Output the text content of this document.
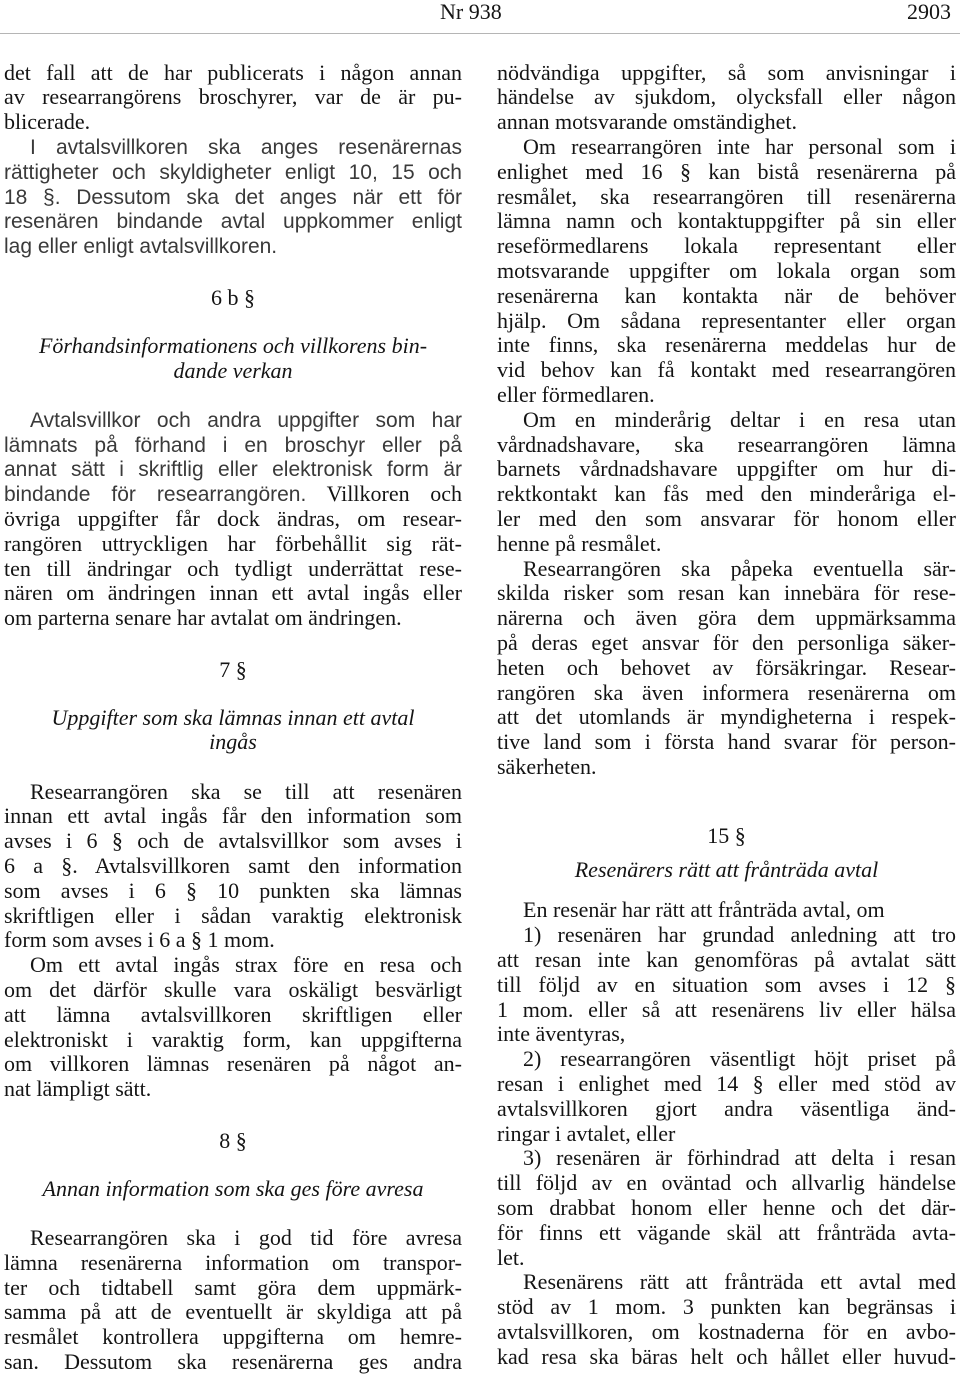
Nr 938	2903
det fall att de har publicerats i någon annan
av researrangörens broschyrer, var de är pu-
blicerade.
I avtalsvillkoren ska anges resenärernas
rättigheter och skyldigheter enligt 10, 15 och
18 §. Dessutom ska det anges när ett för
resenären bindande avtal uppkommer enligt
lag eller enligt avtalsvillkoren.
6 b §
Förhandsinformationens och villkorens bin-
dande verkan
Avtalsvillkor och andra uppgifter som har
lämnats på förhand i en broschyr eller på
annat sätt i skriftlig eller elektronisk form är
bindande för researrangören. Villkoren och
övriga uppgifter får dock ändras, om resear-
rangören uttryckligen har förbehållit sig rät-
ten till ändringar och tydligt underrättat rese-
nären om ändringen innan ett avtal ingås eller
om parterna senare har avtalat om ändringen.
7 §
Uppgifter som ska lämnas innan ett avtal
ingås
Researrangören ska se till att resenären
innan ett avtal ingås får den information som
avses i 6 § och de avtalsvillkor som avses i
6 a §. Avtalsvillkoren samt den information
som avses i 6 § 10 punkten ska lämnas
skriftligen eller i sådan varaktig elektronisk
form som avses i 6 a § 1 mom.
Om ett avtal ingås strax före en resa och
om det därför skulle vara oskäligt besvärligt
att lämna avtalsvillkoren skriftligen eller
elektroniskt i varaktig form, kan uppgifterna
om villkoren lämnas resenären på något an-
nat lämpligt sätt.
8 §
Annan information som ska ges före avresa
Researrangören ska i god tid före avresa
lämna resenärerna information om transpor-
ter och tidtabell samt göra dem uppmärk-
samma på att de eventuellt är skyldiga att på
resmålet kontrollera uppgifterna om hemre-
san. Dessutom ska resenärerna ges andra
nödvändiga uppgifter, så som anvisningar i
händelse av sjukdom, olycksfall eller någon
annan motsvarande omständighet.
Om researrangören inte har personal som i
enlighet med 16 § kan bistå resenärerna på
resmålet, ska researrangören till resenärerna
lämna namn och kontaktuppgifter på sin eller
reseförmedlarens lokala representant eller
motsvarande uppgifter om lokala organ som
resenärerna kan kontakta när de behöver
hjälp. Om sådana representanter eller organ
inte finns, ska resenärerna meddelas hur de
vid behov kan få kontakt med researrangören
eller förmedlaren.
Om en minderårig deltar i en resa utan
vårdnadshavare, ska researrangören lämna
barnets vårdnadshavare uppgifter om hur di-
rektkontakt kan fås med den minderåriga el-
ler med den som ansvarar för honom eller
henne på resmålet.
Researrangören ska påpeka eventuella sär-
skilda risker som resan kan innebära för rese-
närerna och även göra dem uppmärksamma
på deras eget ansvar för den personliga säker-
heten och behovet av försäkringar. Resear-
rangören ska även informera resenärerna om
att det utomlands är myndigheterna i respek-
tive land som i första hand svarar för person-
säkerheten.
15 §
Resenärers rätt att frånträda avtal
En resenär har rätt att frånträda avtal, om
1) resenären har grundad anledning att tro
att resan inte kan genomföras på avtalat sätt
till följd av en situation som avses i 12 §
1 mom. eller så att resenärens liv eller hälsa
inte äventyras,
2) researrangören väsentligt höjt priset på
resan i enlighet med 14 § eller med stöd av
avtalsvillkoren gjort andra väsentliga änd-
ringar i avtalet, eller
3) resenären är förhindrad att delta i resan
till följd av en oväntad och allvarlig händelse
som drabbat honom eller henne och det där-
för finns ett vägande skäl att frånträda avta-
let.
Resenärens rätt att frånträda ett avtal med
stöd av 1 mom. 3 punkten kan begränsas i
avtalsvillkoren, om kostnaderna för en avbo-
kad resa ska bäras helt och hållet eller huvud-
